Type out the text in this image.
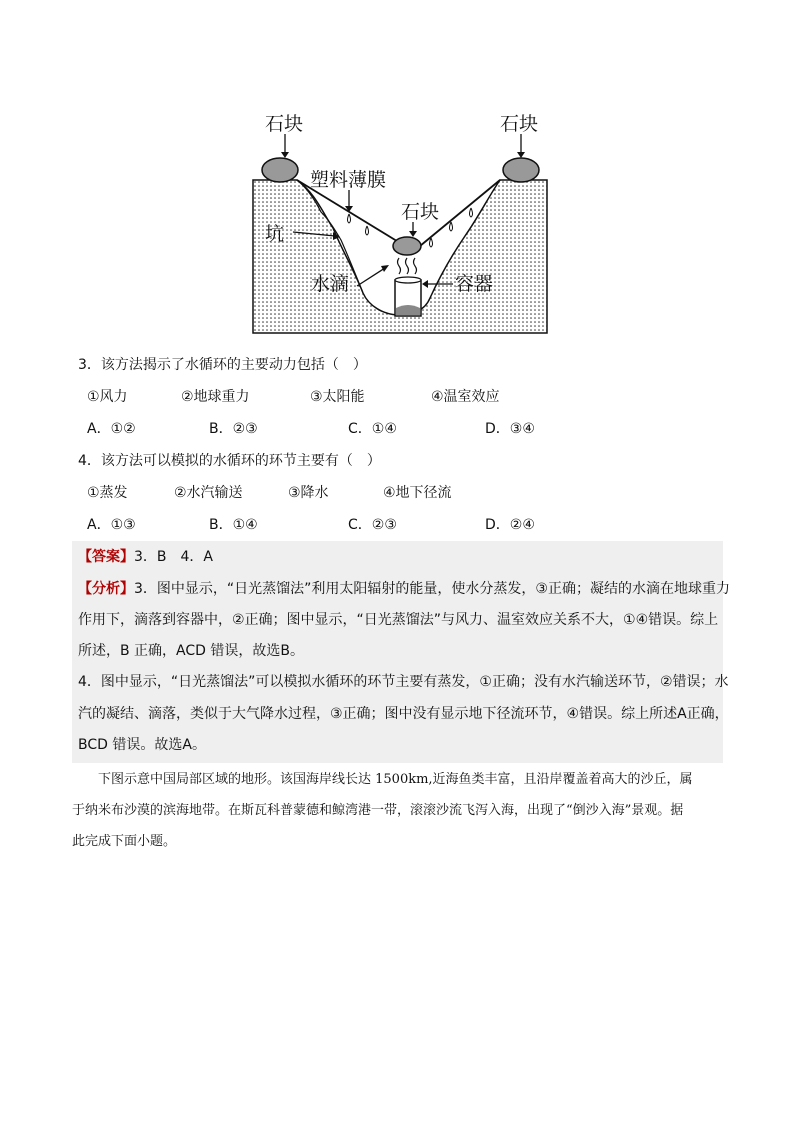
石块	石块
塑料薄膜
石块
坑
水滴	容器
3．该方法揭示了水循环的主要动力包括（　）
①风力	②地球重力	③太阳能	④温室效应
A．①②	B．②③	C．①④	D．③④
4．该方法可以模拟的水循环的环节主要有（　）
①蒸发	②水汽输送	③降水	④地下径流
A．①③	B．①④	C．②③	D．②④
【答案】3．B　4．A
【分析】3．图中显示，“日光蒸馏法”利用太阳辐射的能量，使水分蒸发，③正确；凝结的水滴在地球重力
作用下，滴落到容器中，②正确；图中显示，“日光蒸馏法”与风力、温室效应关系不大，①④错误。综上
所述，B 正确，ACD 错误，故选B。
4．图中显示，“日光蒸馏法”可以模拟水循环的环节主要有蒸发，①正确；没有水汽输送环节，②错误；水
汽的凝结、滴落，类似于大气降水过程，③正确；图中没有显示地下径流环节，④错误。综上所述A正确，
BCD 错误。故选A。
　　下图示意中国局部区域的地形。该国海岸线长达 1500km,近海鱼类丰富，且沿岸覆盖着高大的沙丘，属
于纳米布沙漠的滨海地带。在斯瓦科普蒙德和鲸湾港一带，滚滚沙流飞泻入海，出现了“倒沙入海”景观。据
此完成下面小题。
